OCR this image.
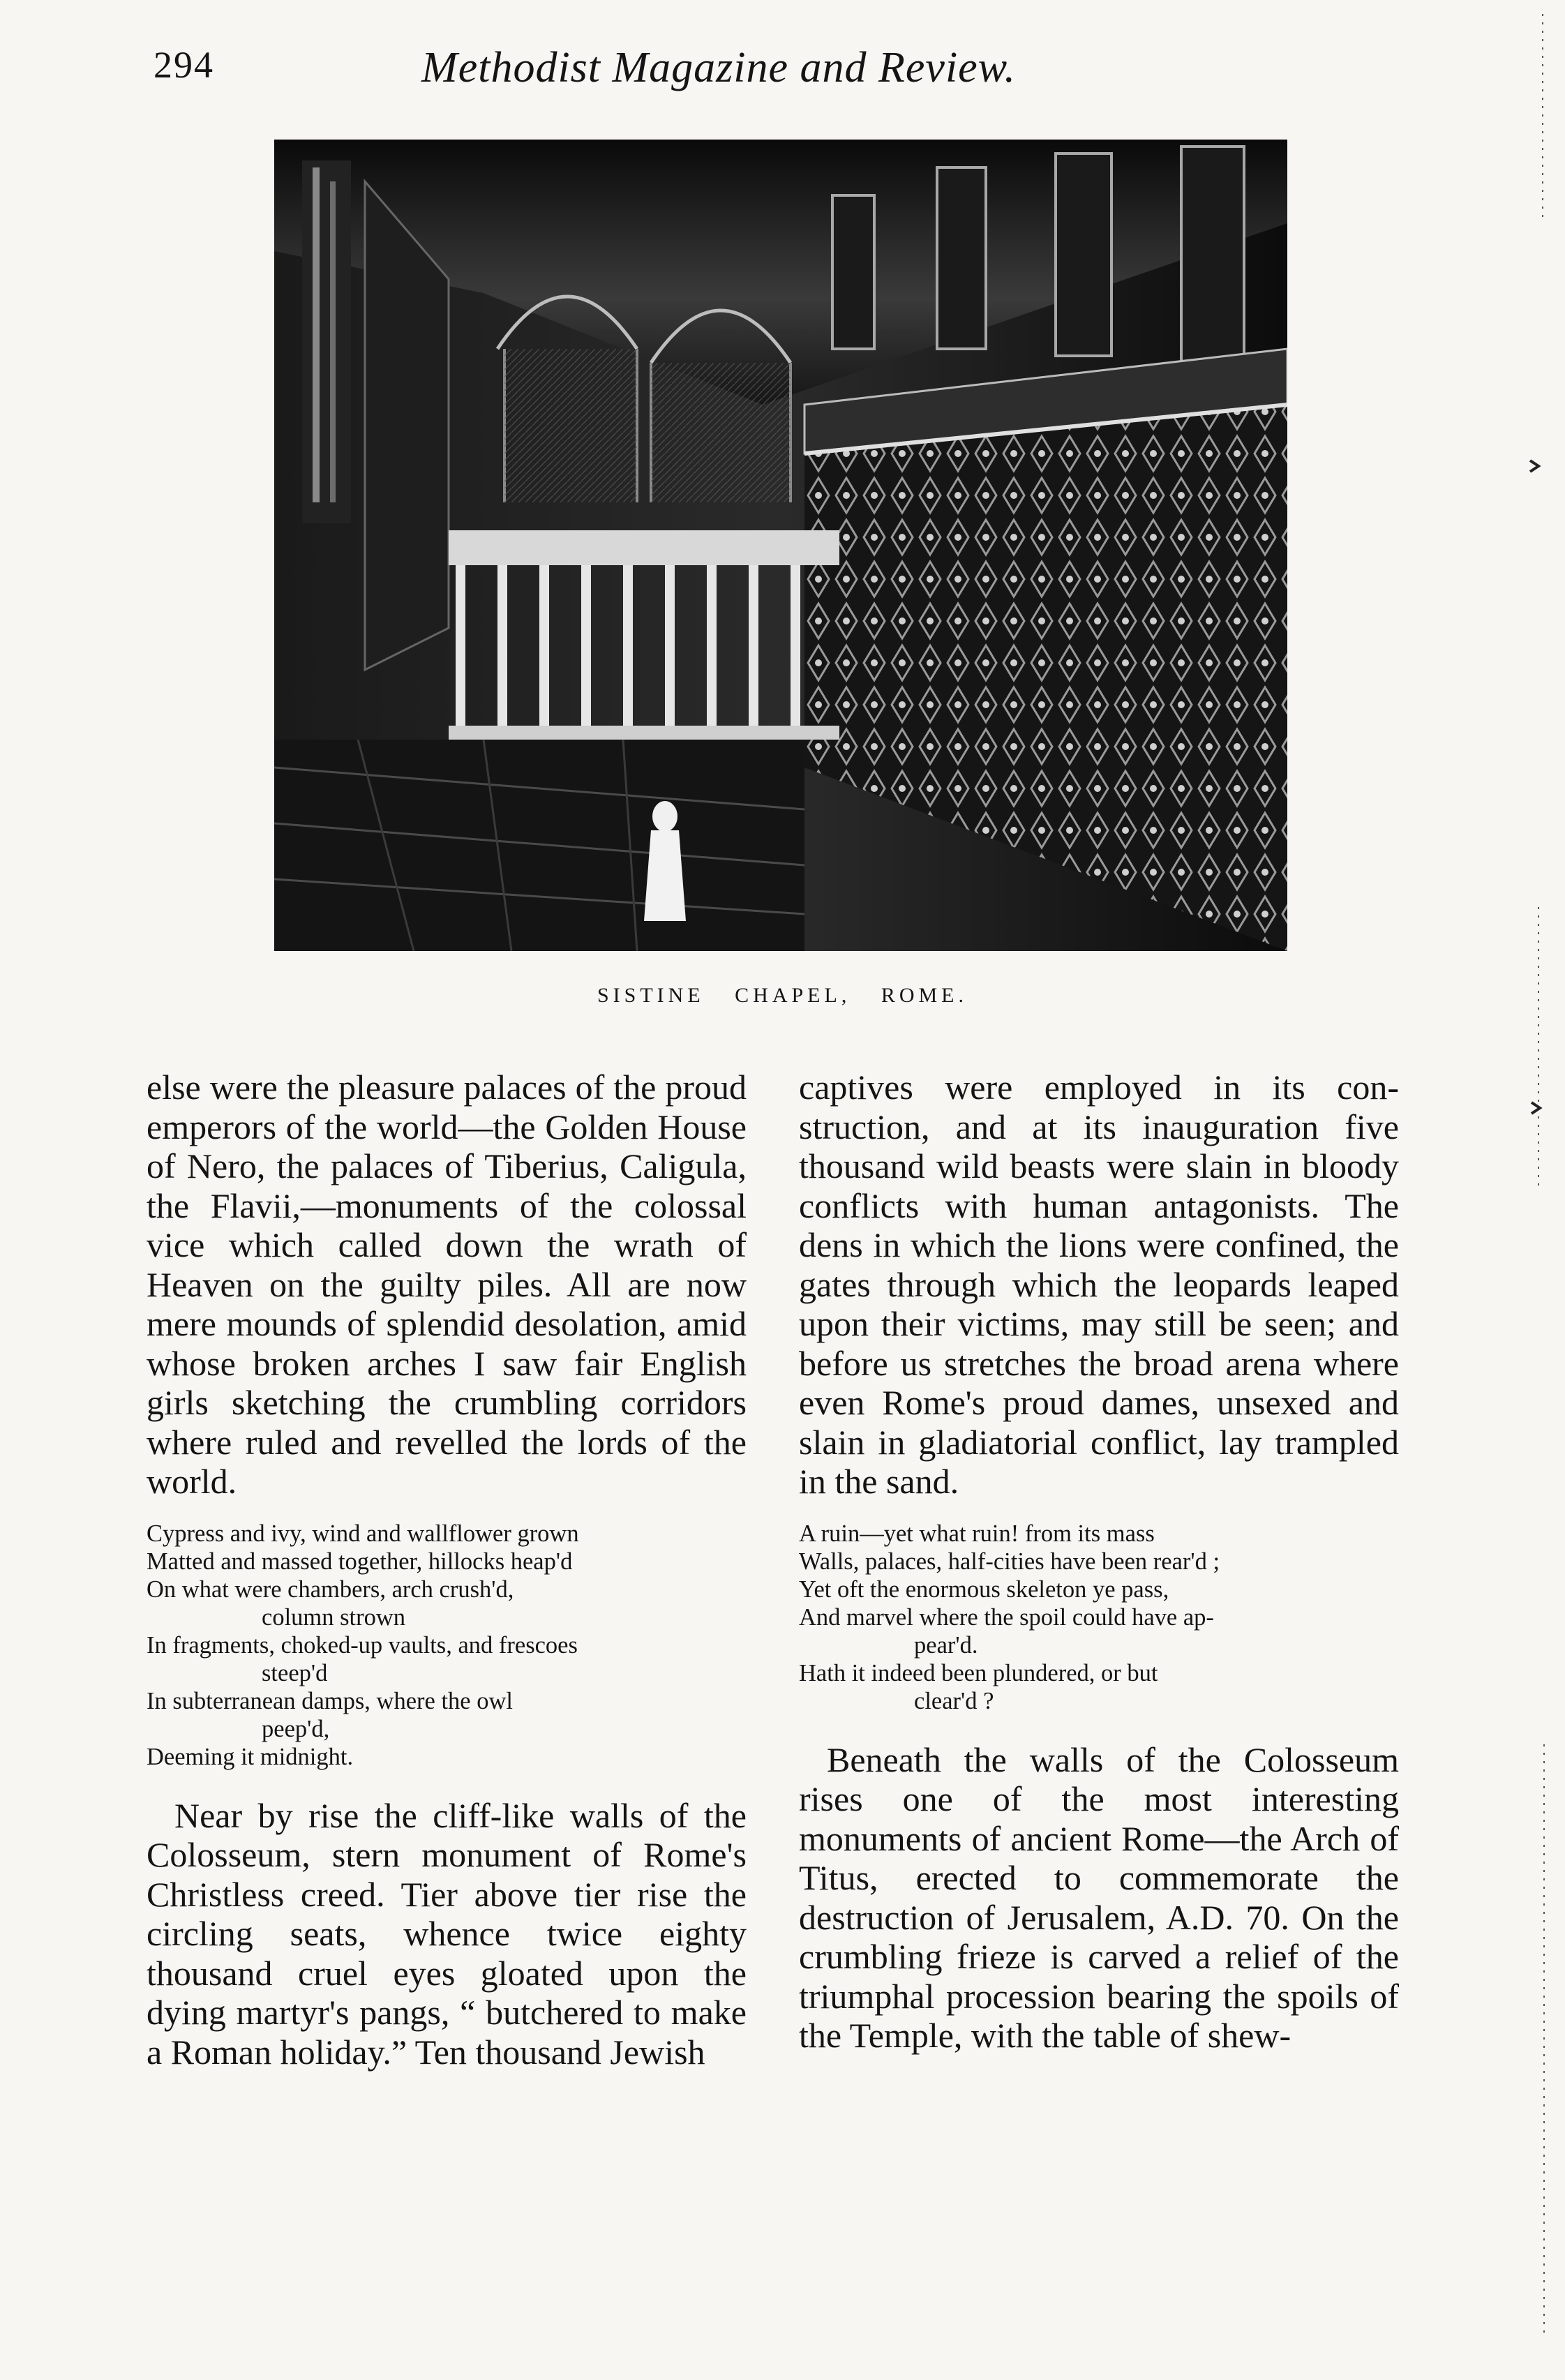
294	Methodist Magazine and Review.
SISTINE CHAPEL, ROME.

else were the pleasure palaces of the proud emperors of the world—the Golden House of Nero, the palaces of Tiberius, Caligula, the Flavii,—monuments of the colossal vice which called down the wrath of Heaven on the guilty piles. All are now mere mounds of splendid desolation, amid whose broken arches I saw fair English girls sketching the crumbling corridors where ruled and revelled the lords of the world.

Cypress and ivy, wind and wallflower grown
Matted and massed together, hillocks heap'd
On what were chambers, arch crush'd,
column strown
In fragments, choked-up vaults, and frescoes
steep'd
In subterranean damps, where the owl
peep'd,
Deeming it midnight.

Near by rise the cliff-like walls of the Colosseum, stern monument of Rome's Christless creed. Tier above tier rise the circling seats, whence twice eighty thousand cruel eyes gloated upon the dying martyr's pangs, “ butchered to make a Roman holiday.” Ten thousand Jewish

captives were employed in its construction, and at its inauguration five thousand wild beasts were slain in bloody conflicts with human antagonists. The dens in which the lions were confined, the gates through which the leopards leaped upon their victims, may still be seen; and before us stretches the broad arena where even Rome's proud dames, unsexed and slain in gladiatorial conflict, lay trampled in the sand.

A ruin—yet what ruin! from its mass
Walls, palaces, half-cities have been rear'd ;
Yet oft the enormous skeleton ye pass,
And marvel where the spoil could have ap-
pear'd.
Hath it indeed been plundered, or but
clear'd ?

Beneath the walls of the Colosseum rises one of the most interesting monuments of ancient Rome—the Arch of Titus, erected to commemorate the destruction of Jerusalem, A.D. 70. On the crumbling frieze is carved a relief of the triumphal procession bearing the spoils of the Temple, with the table of shew-
